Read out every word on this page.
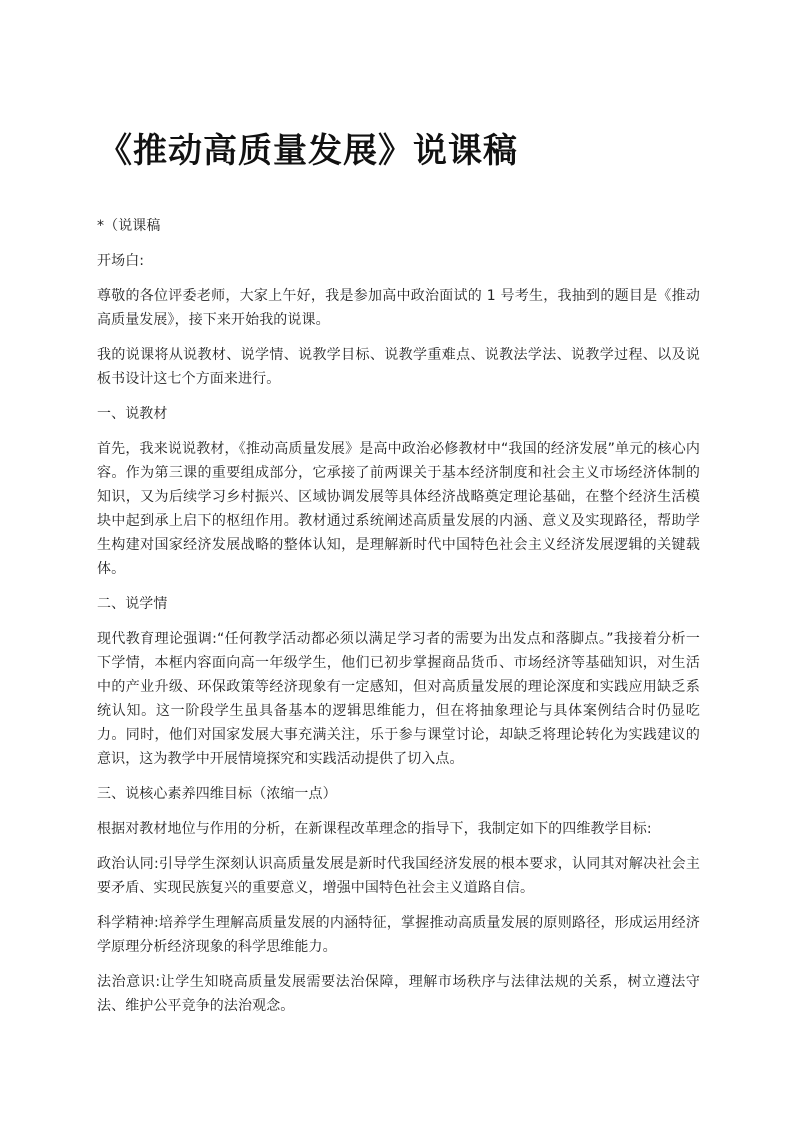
《推动高质量发展》说课稿

*（说课稿

开场白:

尊敬的各位评委老师，大家上午好，我是参加高中政治面试的 1 号考生，我抽到的题目是《推动高质量发展》，接下来开始我的说课。

我的说课将从说教材、说学情、说教学目标、说教学重难点、说教法学法、说教学过程、以及说板书设计这七个方面来进行。

一、说教材

首先，我来说说教材，《推动高质量发展》是高中政治必修教材中“我国的经济发展”单元的核心内容。作为第三课的重要组成部分，它承接了前两课关于基本经济制度和社会主义市场经济体制的知识，又为后续学习乡村振兴、区域协调发展等具体经济战略奠定理论基础，在整个经济生活模块中起到承上启下的枢纽作用。教材通过系统阐述高质量发展的内涵、意义及实现路径，帮助学生构建对国家经济发展战略的整体认知，是理解新时代中国特色社会主义经济发展逻辑的关键载体。

二、说学情

现代教育理论强调:“任何教学活动都必须以满足学习者的需要为出发点和落脚点。”我接着分析一下学情，本框内容面向高一年级学生，他们已初步掌握商品货币、市场经济等基础知识，对生活中的产业升级、环保政策等经济现象有一定感知，但对高质量发展的理论深度和实践应用缺乏系统认知。这一阶段学生虽具备基本的逻辑思维能力，但在将抽象理论与具体案例结合时仍显吃力。同时，他们对国家发展大事充满关注，乐于参与课堂讨论，却缺乏将理论转化为实践建议的意识，这为教学中开展情境探究和实践活动提供了切入点。

三、说核心素养四维目标（浓缩一点）

根据对教材地位与作用的分析，在新课程改革理念的指导下，我制定如下的四维教学目标:

政治认同:引导学生深刻认识高质量发展是新时代我国经济发展的根本要求，认同其对解决社会主要矛盾、实现民族复兴的重要意义，增强中国特色社会主义道路自信。

科学精神:培养学生理解高质量发展的内涵特征，掌握推动高质量发展的原则路径，形成运用经济学原理分析经济现象的科学思维能力。

法治意识:让学生知晓高质量发展需要法治保障，理解市场秩序与法律法规的关系，树立遵法守法、维护公平竞争的法治观念。
